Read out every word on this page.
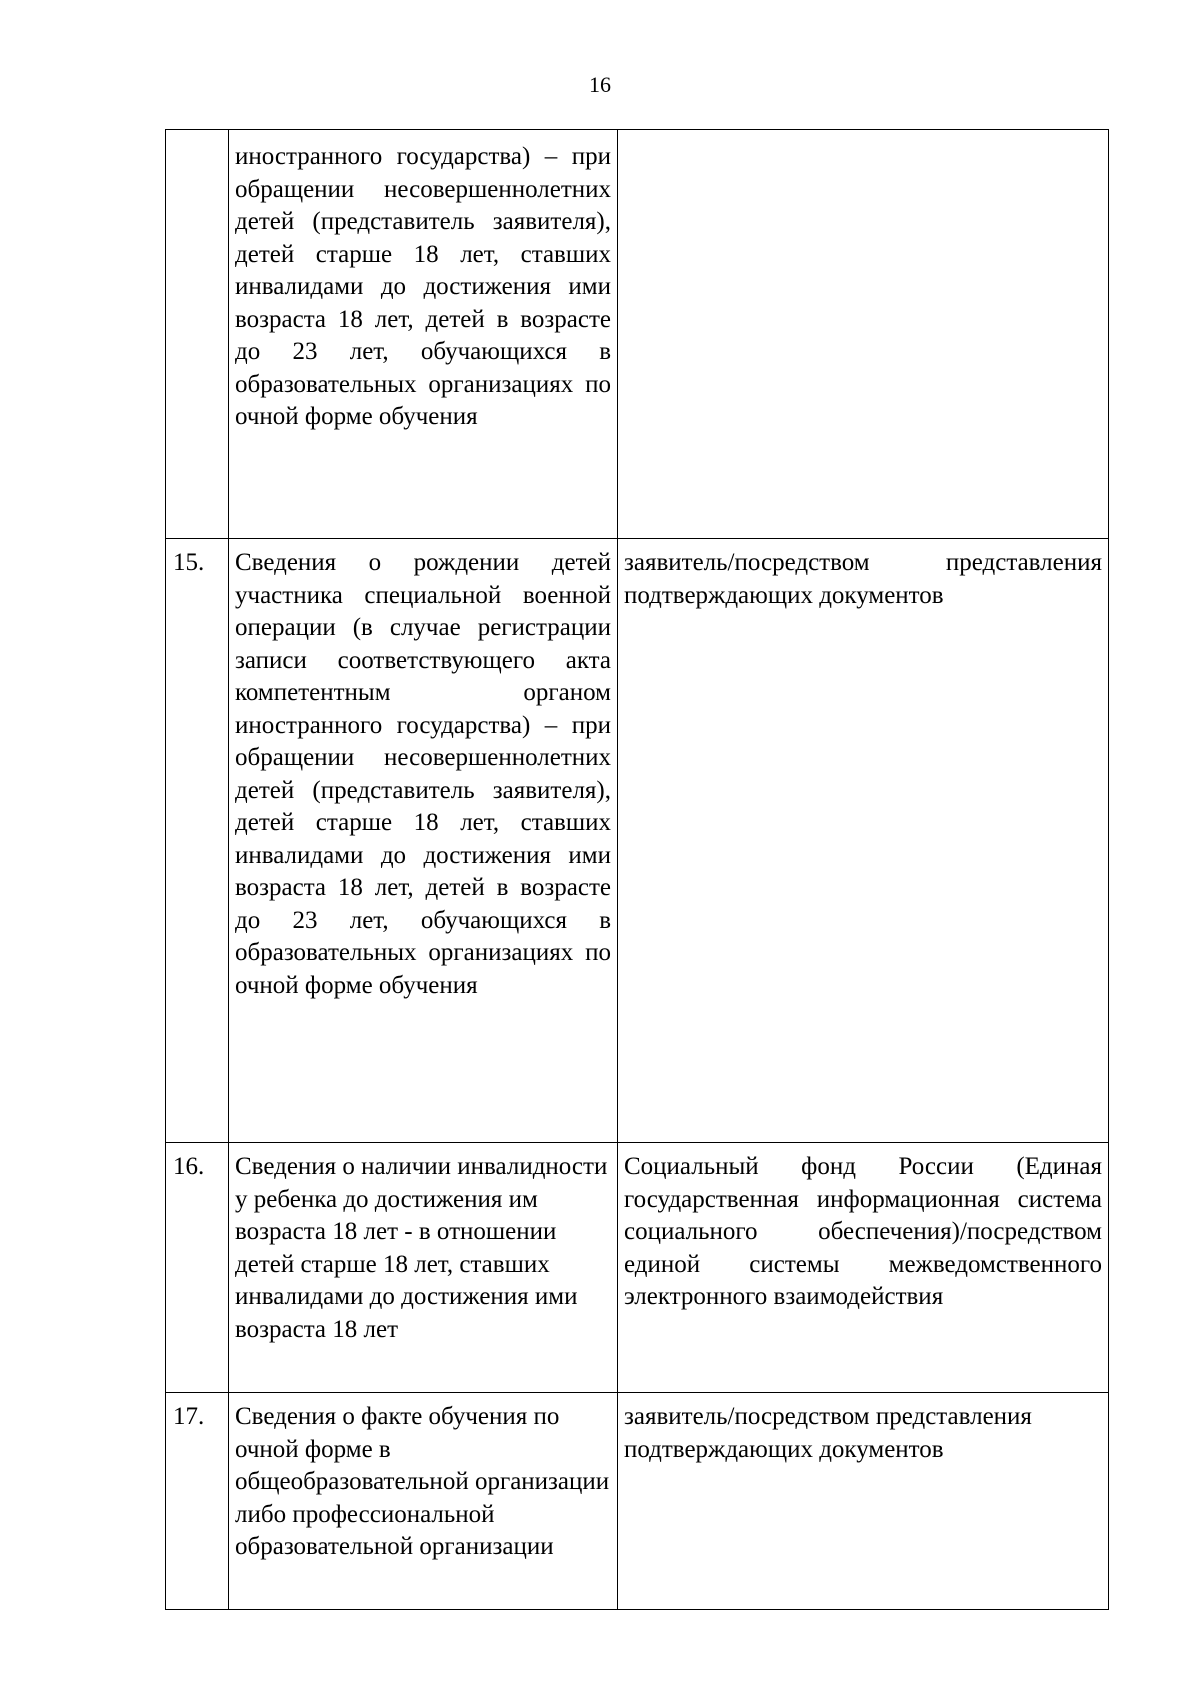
16

	иностранного государства) – при обращении несовершеннолетних детей (представитель заявителя), детей старше 18 лет, ставших инвалидами до достижения ими возраста 18 лет, детей в возрасте до 23 лет, обучающихся в образовательных организациях по очной форме обучения	

15.	Сведения о рождении детей участника специальной военной операции (в случае регистрации записи соответствующего акта компетентным органом иностранного государства) – при обращении несовершеннолетних детей (представитель заявителя), детей старше 18 лет, ставших инвалидами до достижения ими возраста 18 лет, детей в возрасте до 23 лет, обучающихся в образовательных организациях по очной форме обучения	заявитель/посредством представления подтверждающих документов

16.	Сведения о наличии инвалидности у ребенка до достижения им возраста 18 лет - в отношении детей старше 18 лет, ставших инвалидами до достижения ими возраста 18 лет	Социальный фонд России (Единая государственная информационная система социального обеспечения)/посредством единой системы межведомственного электронного взаимодействия

17.	Сведения о факте обучения по очной форме в общеобразовательной организации либо профессиональной образовательной организации	заявитель/посредством представления подтверждающих документов
